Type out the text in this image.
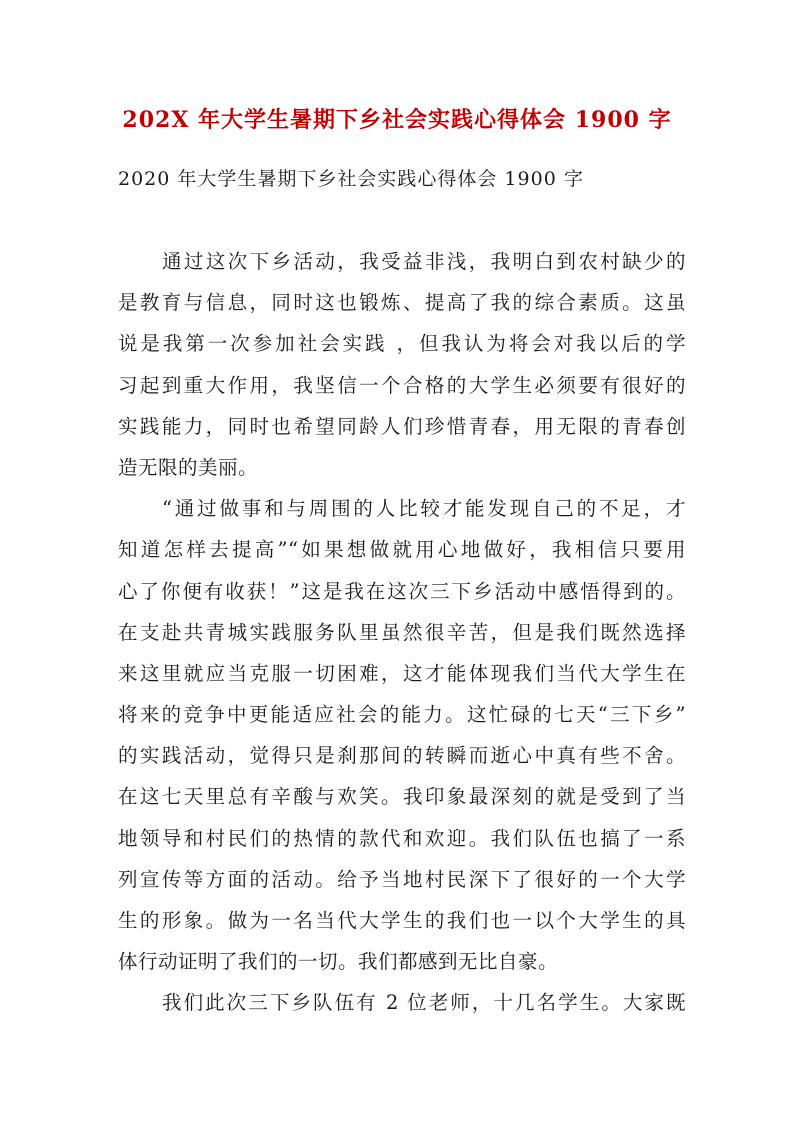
202X 年大学生暑期下乡社会实践心得体会 1900 字
2020 年大学生暑期下乡社会实践心得体会 1900 字
通过这次下乡活动，我受益非浅，我明白到农村缺少的
是教育与信息，同时这也锻炼、提高了我的综合素质。这虽
说是我第一次参加社会实践 ，但我认为将会对我以后的学
习起到重大作用，我坚信一个合格的大学生必须要有很好的
实践能力，同时也希望同龄人们珍惜青春，用无限的青春创
造无限的美丽。
“通过做事和与周围的人比较才能发现自己的不足，才
知道怎样去提高”“如果想做就用心地做好，我相信只要用
心了你便有收获！”这是我在这次三下乡活动中感悟得到的。
在支赴共青城实践服务队里虽然很辛苦，但是我们既然选择
来这里就应当克服一切困难，这才能体现我们当代大学生在
将来的竞争中更能适应社会的能力。这忙碌的七天“三下乡”
的实践活动，觉得只是刹那间的转瞬而逝心中真有些不舍。
在这七天里总有辛酸与欢笑。我印象最深刻的就是受到了当
地领导和村民们的热情的款代和欢迎。我们队伍也搞了一系
列宣传等方面的活动。给予当地村民深下了很好的一个大学
生的形象。做为一名当代大学生的我们也一以个大学生的具
体行动证明了我们的一切。我们都感到无比自豪。
我们此次三下乡队伍有 2 位老师，十几名学生。大家既
